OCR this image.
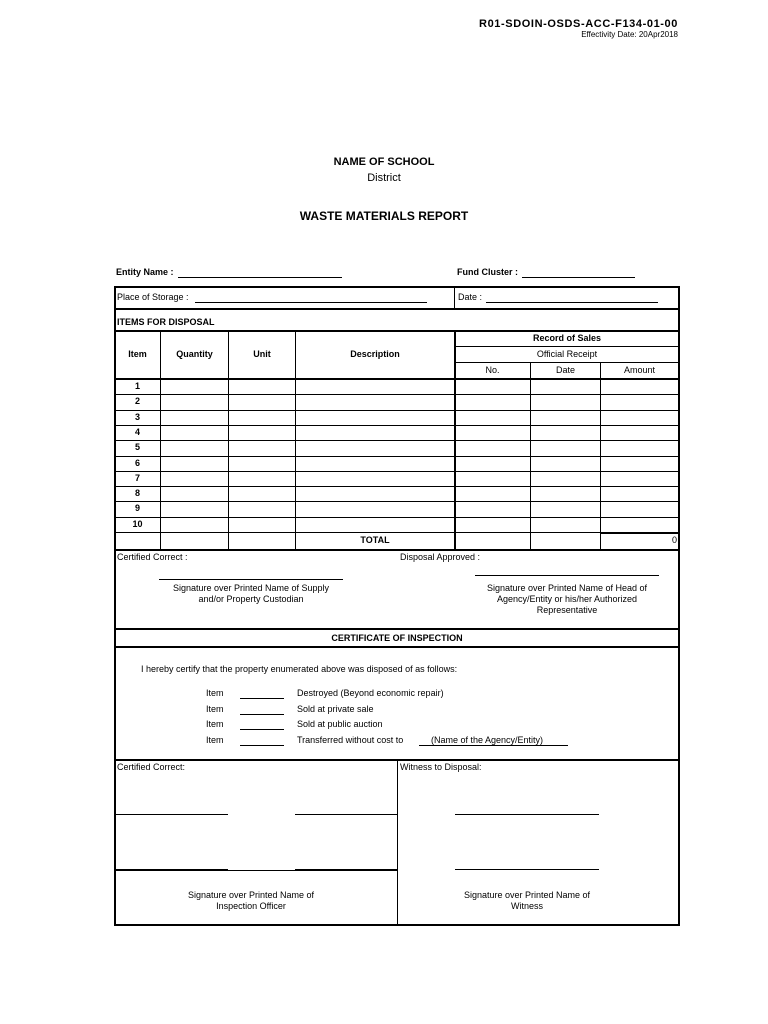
R01-SDOIN-OSDS-ACC-F134-01-00
Effectivity Date: 20Apr2018
NAME OF SCHOOL
District
WASTE MATERIALS REPORT
Entity Name :	Fund Cluster :
Place of Storage :	Date :
ITEMS FOR DISPOSAL
Item	Quantity	Unit	Description
Record of Sales
Official Receipt
No.	Date	Amount
1
2
3
4
5
6
7
8
9
10
TOTAL	0
Certified Correct :	Disposal Approved :
Signature over Printed Name of Supply
and/or Property Custodian
Signature over Printed Name of Head of
Agency/Entity or his/her Authorized
Representative
CERTIFICATE OF INSPECTION
I hereby certify that the property enumerated above was disposed of as follows:
Item	Destroyed (Beyond economic repair)
Item	Sold at private sale
Item	Sold at public auction
Item	Transferred without cost to	(Name of the Agency/Entity)
Certified Correct:	Witness to Disposal:
Signature over Printed Name of
Inspection Officer
Signature over Printed Name of
Witness
